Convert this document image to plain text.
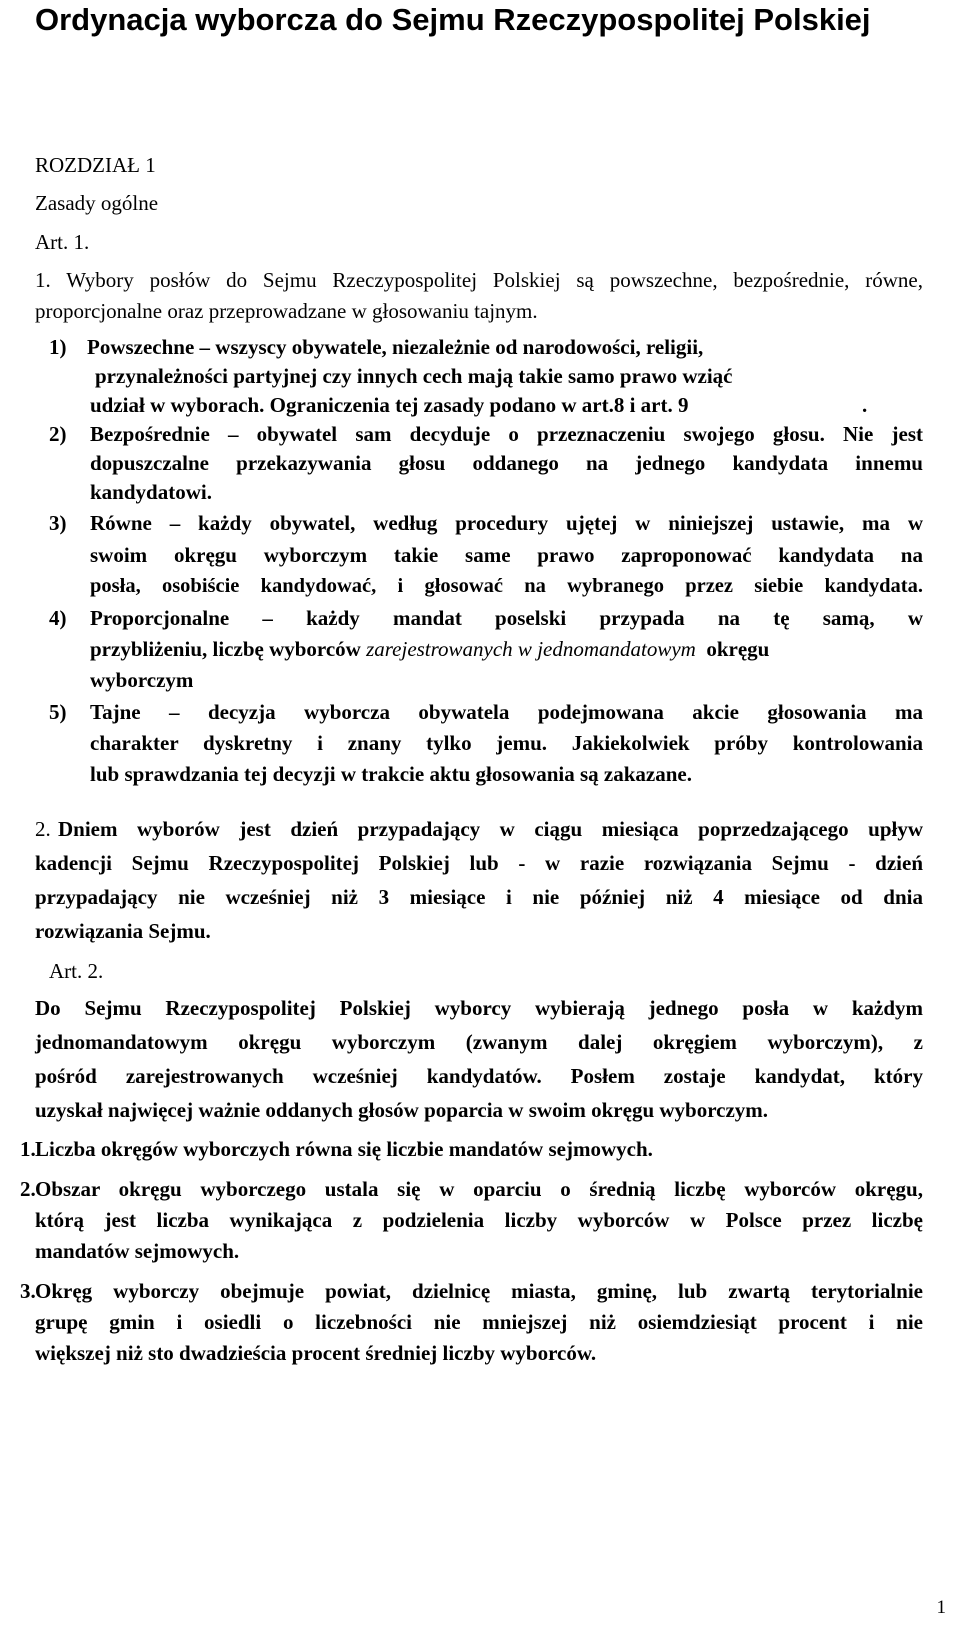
Ordynacja wyborcza do Sejmu Rzeczypospolitej Polskiej

ROZDZIAŁ 1

Zasady ogólne

Art. 1.

1. Wybory posłów do Sejmu Rzeczypospolitej Polskiej są powszechne, bezpośrednie, równe,

proporcjonalne oraz przeprowadzane w głosowaniu tajnym.

1) Powszechne – wszyscy obywatele, niezależnie od narodowości, religii,

przynależności partyjnej czy innych cech mają takie samo prawo wziąć

udział w wyborach. Ograniczenia tej zasady podano w art.8 i art. 9	.

2) Bezpośrednie – obywatel sam decyduje o przeznaczeniu swojego głosu. Nie jest

dopuszczalne przekazywania głosu oddanego na jednego kandydata innemu

kandydatowi.

3) Równe – każdy obywatel, według procedury ujętej w niniejszej ustawie, ma w

swoim okręgu wyborczym takie same prawo zaproponować kandydata na

posła, osobiście kandydować, i głosować na wybranego przez siebie kandydata.

4) Proporcjonalne – każdy mandat poselski przypada na tę samą, w

przybliżeniu, liczbę wyborców zarejestrowanych w jednomandatowym okręgu

wyborczym

5) Tajne – decyzja wyborcza obywatela podejmowana akcie głosowania ma

charakter dyskretny i znany tylko jemu. Jakiekolwiek próby kontrolowania

lub sprawdzania tej decyzji w trakcie aktu głosowania są zakazane.

2. Dniem wyborów jest dzień przypadający w ciągu miesiąca poprzedzającego upływ

kadencji Sejmu Rzeczypospolitej Polskiej lub - w razie rozwiązania Sejmu - dzień

przypadający nie wcześniej niż 3 miesiące i nie później niż 4 miesiące od dnia

rozwiązania Sejmu.

Art. 2.

Do Sejmu Rzeczypospolitej Polskiej wyborcy wybierają jednego posła w każdym

jednomandatowym okręgu wyborczym (zwanym dalej okręgiem wyborczym), z

pośród zarejestrowanych wcześniej kandydatów. Posłem zostaje kandydat, który

uzyskał najwięcej ważnie oddanych głosów poparcia w swoim okręgu wyborczym.

1. Liczba okręgów wyborczych równa się liczbie mandatów sejmowych.

2. Obszar okręgu wyborczego ustala się w oparciu o średnią liczbę wyborców okręgu,

którą jest liczba wynikająca z podzielenia liczby wyborców w Polsce przez liczbę

mandatów sejmowych.

3. Okręg wyborczy obejmuje powiat, dzielnicę miasta, gminę, lub zwartą terytorialnie

grupę gmin i osiedli o liczebności nie mniejszej niż osiemdziesiąt procent i nie

większej niż sto dwadzieścia procent średniej liczby wyborców.

1
